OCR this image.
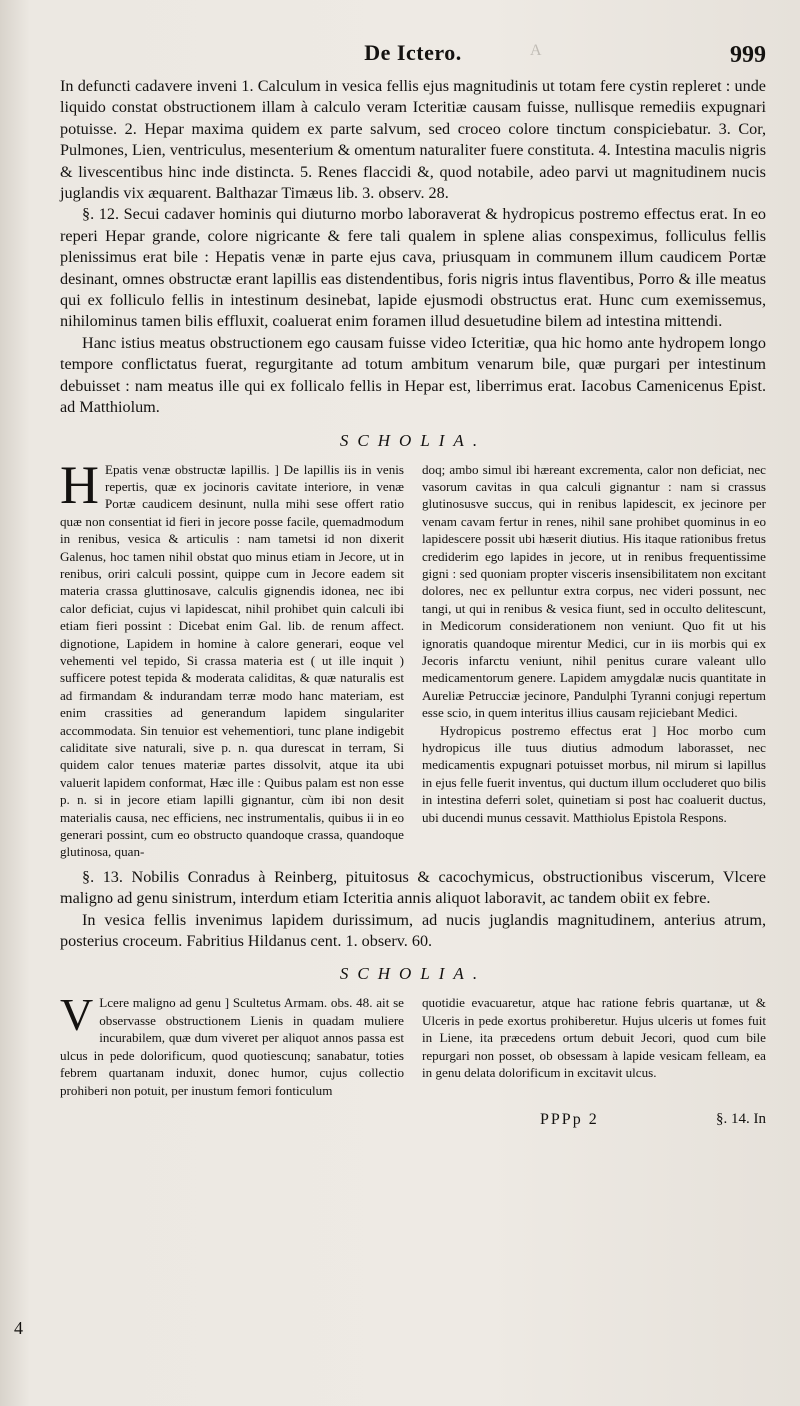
De Ictero.	A	999

In defuncti cadavere inveni 1. Calculum in vesica fellis ejus magnitudinis ut totam fere cystin repleret : unde liquido constat obstructionem illam à calculo veram Icteritiæ causam fuisse, nullisque remediis expugnari potuisse. 2. Hepar maxima quidem ex parte salvum, sed croceo colore tinctum conspiciebatur. 3. Cor, Pulmones, Lien, ventriculus, mesenterium & omentum naturaliter fuere constituta. 4. Intestina maculis nigris & livescentibus hinc inde distincta. 5. Renes flaccidi &, quod notabile, adeo parvi ut magnitudinem nucis juglandis vix æquarent. Balthazar Timæus lib. 3. observ. 28.

§. 12. Secui cadaver hominis qui diuturno morbo laboraverat & hydropicus postremo effectus erat. In eo reperi Hepar grande, colore nigricante & fere tali qualem in splene alias conspeximus, folliculus fellis plenissimus erat bile : Hepatis venæ in parte ejus cava, priusquam in communem illum caudicem Portæ desinant, omnes obstructæ erant lapillis eas distendentibus, foris nigris intus flaventibus, Porro & ille meatus qui ex folliculo fellis in intestinum desinebat, lapide ejusmodi obstructus erat. Hunc cum exemissemus, nihilominus tamen bilis effluxit, coaluerat enim foramen illud desuetudine bilem ad intestina mittendi.

Hanc istius meatus obstructionem ego causam fuisse video Icteritiæ, qua hic homo ante hydropem longo tempore conflictatus fuerat, regurgitante ad totum ambitum venarum bile, quæ purgari per intestinum debuisset : nam meatus ille qui ex follicalo fellis in Hepar est, liberrimus erat. Iacobus Camenicenus Epist. ad Matthiolum.

SCHOLIA.

H Epatis venæ obstructæ lapillis. ] De lapillis iis in venis repertis, quæ ex jocinoris cavitate interiore, in venæ Portæ caudicem desinunt, nulla mihi sese offert ratio quæ non consentiat id fieri in jecore posse facile, quemadmodum in renibus, vesica & articulis : nam tametsi id non dixerit Galenus, hoc tamen nihil obstat quo minus etiam in Jecore, ut in renibus, oriri calculi possint, quippe cum in Jecore eadem sit materia crassa gluttinosave, calculis gignendis idonea, nec ibi calor deficiat, cujus vi lapidescat, nihil prohibet quin calculi ibi etiam fieri possint : Dicebat enim Gal. lib. de renum affect. dignotione, Lapidem in homine à calore generari, eoque vel vehementi vel tepido, Si crassa materia est ( ut ille inquit ) sufficere potest tepida & moderata caliditas, & quæ naturalis est ad firmandam & indurandam terræ modo hanc materiam, est enim crassities ad generandum lapidem singulariter accommodata. Sin tenuior est vehementiori, tunc plane indigebit caliditate sive naturali, sive p. n. qua durescat in terram, Si quidem calor tenues materiæ partes dissolvit, atque ita ubi valuerit lapidem conformat, Hæc ille : Quibus palam est non esse p. n. si in jecore etiam lapilli gignantur, cùm ibi non desit materialis causa, nec efficiens, nec instrumentalis, quibus ii in eo generari possint, cum eo obstructo quandoque crassa, quandoque glutinosa, quan-

doq; ambo simul ibi hæreant excrementa, calor non deficiat, nec vasorum cavitas in qua calculi gignantur : nam si crassus glutinosusve succus, qui in renibus lapidescit, ex jecinore per venam cavam fertur in renes, nihil sane prohibet quominus in eo lapidescere possit ubi hæserit diutius. His itaque rationibus fretus crediderim ego lapides in jecore, ut in renibus frequentissime gigni : sed quoniam propter visceris insensibilitatem non excitant dolores, nec ex pelluntur extra corpus, nec videri possunt, nec tangi, ut qui in renibus & vesica fiunt, sed in occulto delitescunt, in Medicorum considerationem non veniunt. Quo fit ut his ignoratis quandoque mirentur Medici, cur in iis morbis qui ex Jecoris infarctu veniunt, nihil penitus curare valeant ullo medicamentorum genere. Lapidem amygdalæ nucis quantitate in Aureliæ Petrucciæ jecinore, Pandulphi Tyranni conjugi repertum esse scio, in quem interitus illius causam rejiciebant Medici.

Hydropicus postremo effectus erat ] Hoc morbo cum hydropicus ille tuus diutius admodum laborasset, nec medicamentis expugnari potuisset morbus, nil mirum si lapillus in ejus felle fuerit inventus, qui ductum illum occluderet quo bilis in intestina deferri solet, quinetiam si post hac coaluerit ductus, ubi ducendi munus cessavit. Matthiolus Epistola Respons.

§. 13. Nobilis Conradus à Reinberg, pituitosus & cacochymicus, obstructionibus viscerum, Vlcere maligno ad genu sinistrum, interdum etiam Icteritia annis aliquot laboravit, ac tandem obiit ex febre.

In vesica fellis invenimus lapidem durissimum, ad nucis juglandis magnitudinem, anterius atrum, posterius croceum. Fabritius Hildanus cent. 1. observ. 60.

SCHOLIA.

V Lcere maligno ad genu ] Scultetus Armam. obs. 48. ait se observasse obstructionem Lienis in quadam muliere incurabilem, quæ dum viveret per aliquot annos passa est ulcus in pede dolorificum, quod quotiescunq; sanabatur, toties febrem quartanam induxit, donec humor, cujus collectio prohiberi non potuit, per inustum femori fonticulum

quotidie evacuaretur, atque hac ratione febris quartanæ, ut & Ulceris in pede exortus prohiberetur. Hujus ulceris ut fomes fuit in Liene, ita præcedens ortum debuit Jecori, quod cum bile repurgari non posset, ob obsessam à lapide vesicam felleam, ea in genu delata dolorificum in excitavit ulcus.

PPPp 2	§. 14. In
4
